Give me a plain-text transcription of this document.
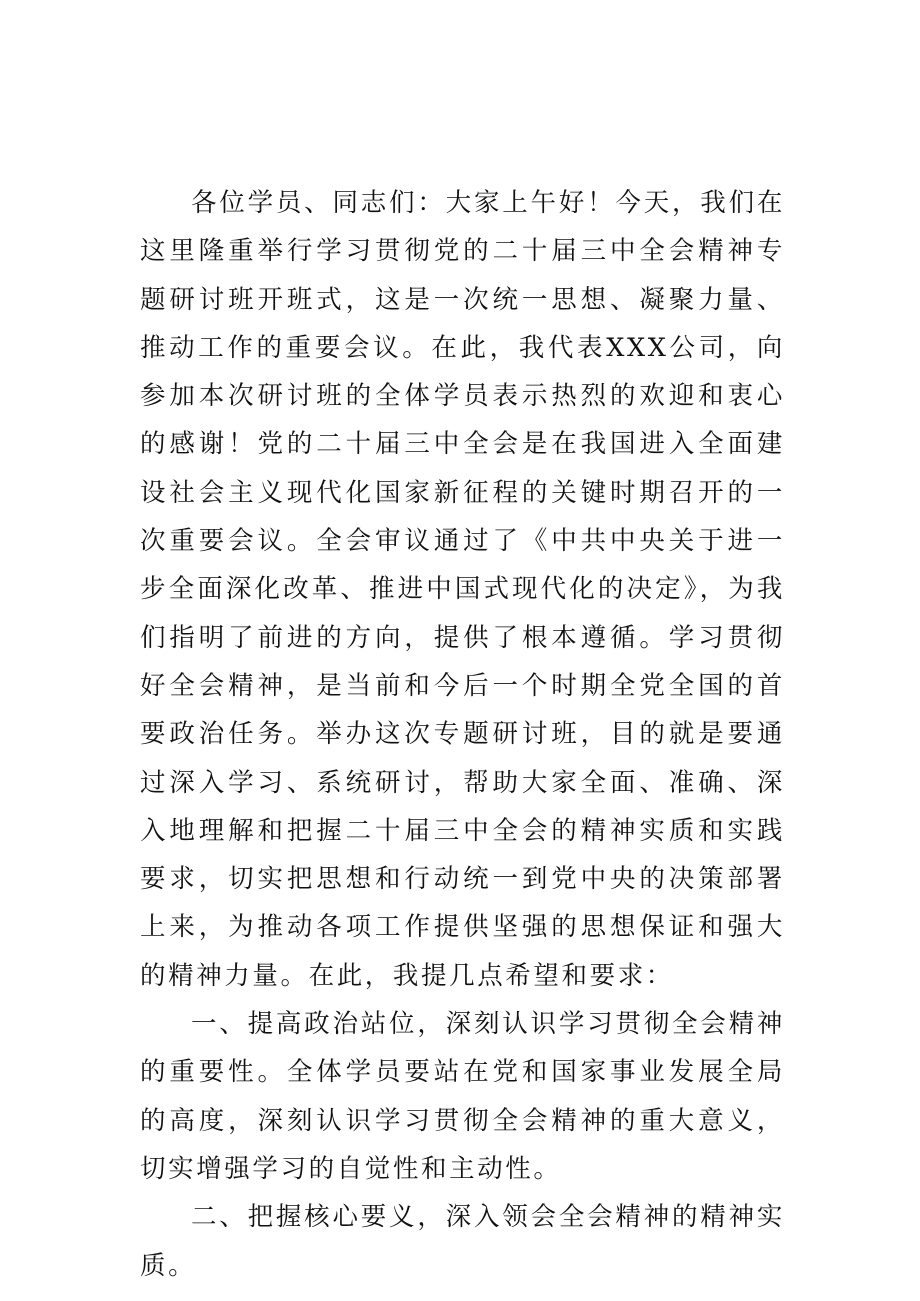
各位学员、同志们：大家上午好！今天，我们在这里隆重举行学习贯彻党的二十届三中全会精神专题研讨班开班式，这是一次统一思想、凝聚力量、推动工作的重要会议。在此，我代表XXX公司，向参加本次研讨班的全体学员表示热烈的欢迎和衷心的感谢！党的二十届三中全会是在我国进入全面建设社会主义现代化国家新征程的关键时期召开的一次重要会议。全会审议通过了《中共中央关于进一步全面深化改革、推进中国式现代化的决定》，为我们指明了前进的方向，提供了根本遵循。学习贯彻好全会精神，是当前和今后一个时期全党全国的首要政治任务。举办这次专题研讨班，目的就是要通过深入学习、系统研讨，帮助大家全面、准确、深入地理解和把握二十届三中全会的精神实质和实践要求，切实把思想和行动统一到党中央的决策部署上来，为推动各项工作提供坚强的思想保证和强大的精神力量。在此，我提几点希望和要求：

一、提高政治站位，深刻认识学习贯彻全会精神的重要性。全体学员要站在党和国家事业发展全局的高度，深刻认识学习贯彻全会精神的重大意义，切实增强学习的自觉性和主动性。

二、把握核心要义，深入领会全会精神的精神实质。
